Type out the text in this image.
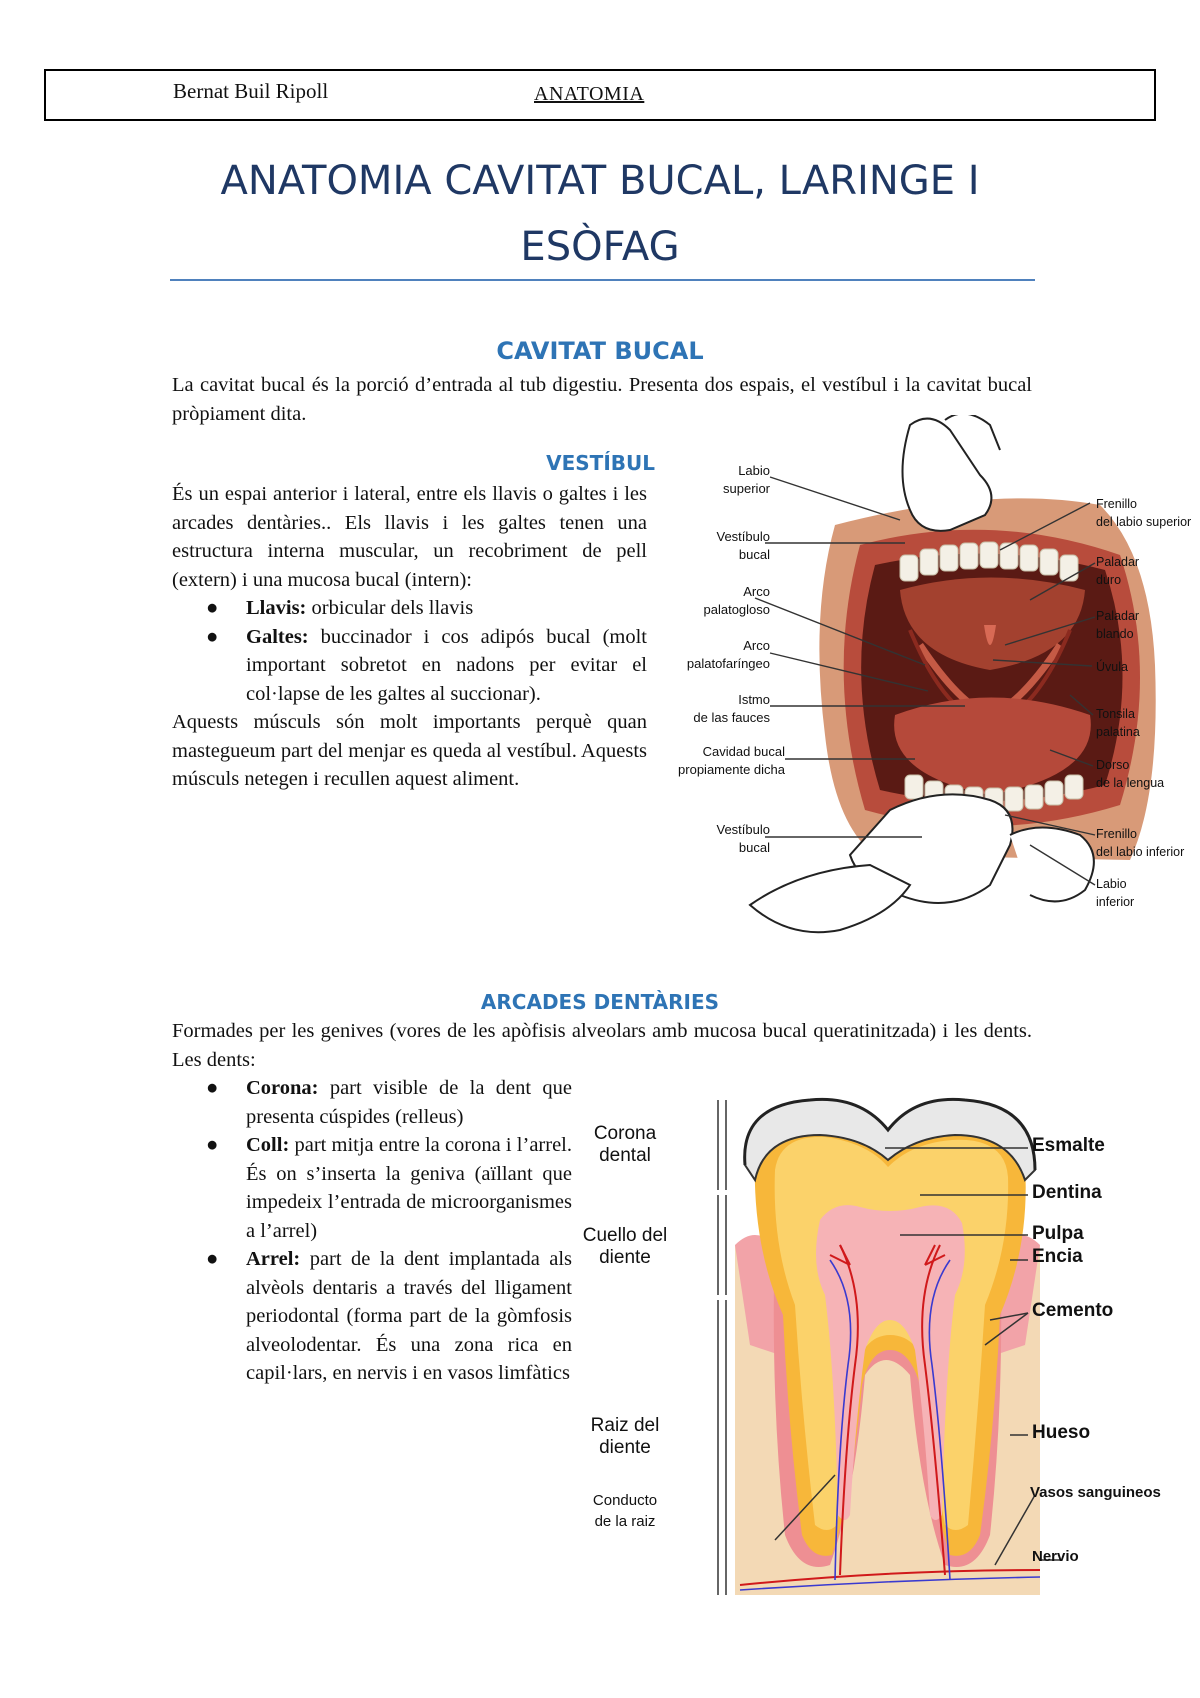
Bernat Buil Ripoll	ANATOMIA
ANATOMIA CAVITAT BUCAL, LARINGE I
ESÒFAG
CAVITAT BUCAL
La cavitat bucal és la porció d’entrada al tub digestiu. Presenta dos espais, el vestíbul i la cavitat bucal pròpiament dita.
VESTÍBUL
És un espai anterior i lateral, entre els llavis o galtes i les arcades dentàries.. Els llavis i les galtes tenen una estructura interna muscular, un recobriment de pell (extern) i una mucosa bucal (intern):
● Llavis: orbicular dels llavis
● Galtes: buccinador i cos adipós bucal (molt important sobretot en nadons per evitar el col·lapse de les galtes al succionar).
Aquests músculs són molt importants perquè quan mastegueum part del menjar es queda al vestíbul. Aquests músculs netegen i recullen aquest aliment.
Labio
superior
Vestíbulo
bucal
Arco
palatogloso
Arco
palatofaríngeo
Istmo
de las fauces
Cavidad bucal
propiamente dicha
Vestíbulo
bucal
Frenillo
del labio superior
Paladar
duro
Paladar
blando
Úvula
Tonsila
palatina
Dorso
de la lengua
Frenillo
del labio inferior
Labio
inferior
ARCADES DENTÀRIES
Formades per les genives (vores de les apòfisis alveolars amb mucosa bucal queratinitzada) i les dents. Les dents:
● Corona: part visible de la dent que presenta cúspides (relleus)
● Coll: part mitja entre la corona i l’arrel. És on s’inserta la geniva (aïllant que impedeix l’entrada de microorganismes a l’arrel)
● Arrel: part de la dent implantada als alvèols dentaris a través del lligament periodontal (forma part de la gòmfosis alveolodentar. És una zona rica en capil·lars, en nervis i en vasos limfàtics
Corona
dental
Cuello del
diente
Raiz del
diente
Conducto
de la raiz
Esmalte
Dentina
Pulpa
Encia
Cemento
Hueso
Vasos sanguineos
Nervio
